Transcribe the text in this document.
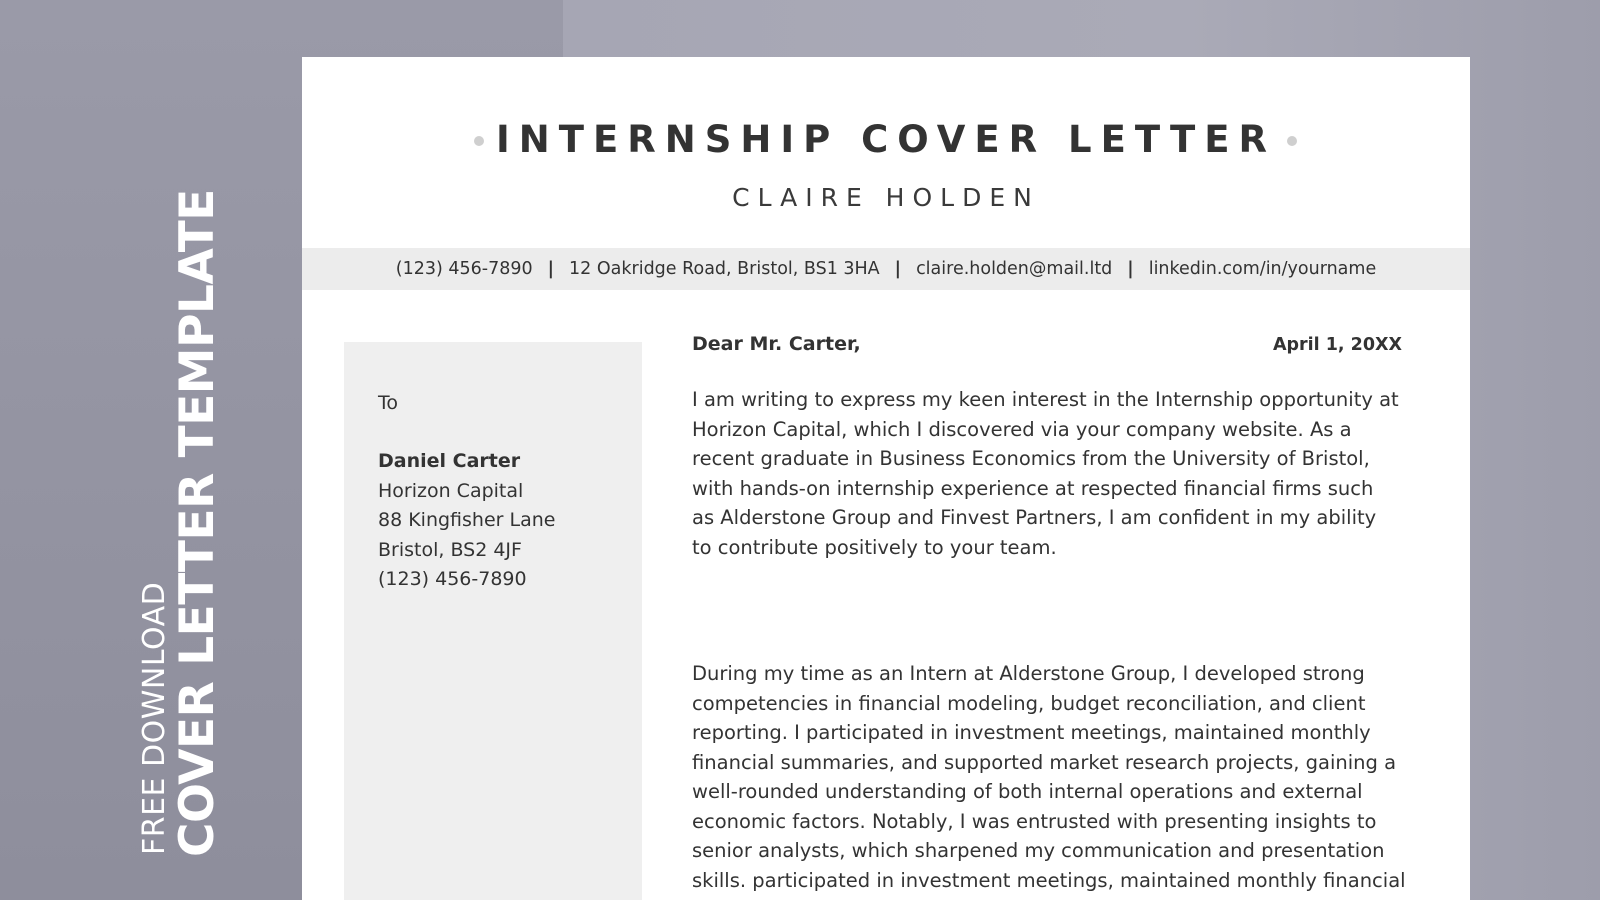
FREE DOWNLOAD
COVER LETTER TEMPLATE
INTERNSHIP COVER LETTER
CLAIRE HOLDEN
(123) 456-7890 | 12 Oakridge Road, Bristol, BS1 3HA | claire.holden@mail.ltd | linkedin.com/in/yourname
To
Daniel Carter
Horizon Capital
88 Kingfisher Lane
Bristol, BS2 4JF
(123) 456-7890
Dear Mr. Carter,	April 1, 20XX
I am writing to express my keen interest in the Internship opportunity at
Horizon Capital, which I discovered via your company website. As a
recent graduate in Business Economics from the University of Bristol,
with hands-on internship experience at respected financial firms such
as Alderstone Group and Finvest Partners, I am confident in my ability
to contribute positively to your team.
During my time as an Intern at Alderstone Group, I developed strong
competencies in financial modeling, budget reconciliation, and client
reporting. I participated in investment meetings, maintained monthly
financial summaries, and supported market research projects, gaining a
well-rounded understanding of both internal operations and external
economic factors. Notably, I was entrusted with presenting insights to
senior analysts, which sharpened my communication and presentation
skills. participated in investment meetings, maintained monthly financial
